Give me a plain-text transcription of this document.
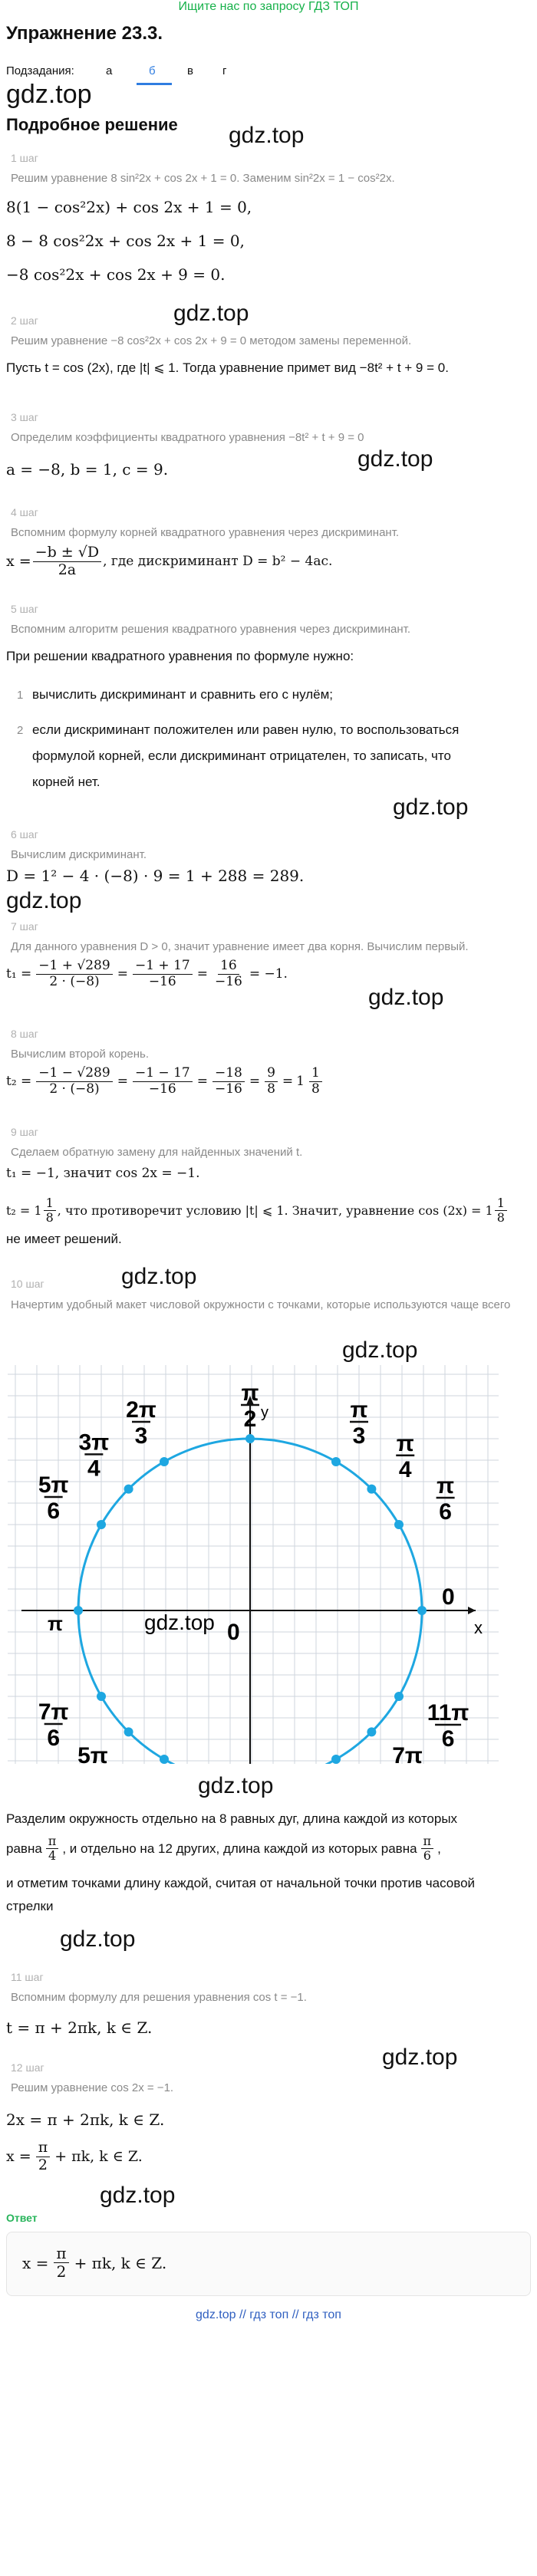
Ищите нас по запросу ГДЗ ТОП
Упражнение 23.3.
Подзадания:	а	б	в	г
gdz.top
Подробное решение gdz.top
1 шаг
Решим уравнение 8 sin²2x + cos 2x + 1 = 0. Заменим sin²2x = 1 − cos²2x.
8(1 − cos²2x) + cos 2x + 1 = 0,
8 − 8 cos²2x + cos 2x + 1 = 0,
−8 cos²2x + cos 2x + 9 = 0.
gdz.top
2 шаг
Решим уравнение −8 cos²2x + cos 2x + 9 = 0 методом замены переменной.
Пусть t = cos (2x), где |t| ⩽ 1. Тогда уравнение примет вид −8t² + t + 9 = 0.
3 шаг
Определим коэффициенты квадратного уравнения −8t² + t + 9 = 0
gdz.top
a = −8, b = 1, c = 9.
4 шаг
Вспомним формулу корней квадратного уравнения через дискриминант.
$x = \frac{-b \pm √D}{2a}$ , где дискриминант D = b² − 4ac.
5 шаг
Вспомним алгоритм решения квадратного уравнения через дискриминант.
При решении квадратного уравнения по формуле нужно:
1 вычислить дискриминант и сравнить его с нулём;
2 если дискриминант положителен или равен нулю, то воспользоваться
формулой корней, если дискриминант отрицателен, то записать, что
корней нет.
gdz.top
6 шаг
Вычислим дискриминант.
D = 1² − 4 · (−8) · 9 = 1 + 288 = 289.
gdz.top
7 шаг
Для данного уравнения D > 0, значит уравнение имеет два корня. Вычислим первый.
$t_1 = \frac{-1 + √289}{2 \cdot (-8)} = \frac{-1 + 17}{-16} = \frac{16}{-16} = -1$.
gdz.top
8 шаг
Вычислим второй корень.
$t_2 = \frac{-1 - √289}{2 \cdot (-8)} = \frac{-1 - 17}{-16} = \frac{-18}{-16} = \frac{9}{8} = 1 \frac{1}{8}$
9 шаг
Сделаем обратную замену для найденных значений t.
t₁ = −1, значит cos 2x = −1.
$t_2 = 1 \frac{1}{8}$ , что противоречит условию |t| ⩽ 1. Значит, уравнение $\cos (2x) = 1 \frac{1}{8}$
не имеет решений.
gdz.top
10 шаг
Начертим удобный макет числовой окружности с точками, которые используются чаще всего
gdz.top
x
y
0
0
π	gdz.top
π
2	π
3 π
4
π
6
2π
3
3π
4
5π
6
7π
6
5π	7π
11π
6
gdz.top
Разделим окружность отдельно на 8 равных дуг, длина каждой из которых
равна $\frac{\pi}{4}$ , и отдельно на 12 других, длина каждой из которых равна $\frac{\pi}{6}$ ,
и отметим точками длину каждой, считая от начальной точки против часовой
стрелки
gdz.top
11 шаг
Вспомним формулу для решения уравнения cos t = −1.
t = π + 2πk, k ∈ Z.
gdz.top
12 шаг
Решим уравнение cos 2x = −1.
2x = π + 2πk, k ∈ Z.
$x = \frac{\pi}{2} + \pi k$, k ∈ Z.
gdz.top
Ответ
$x = \frac{\pi}{2} + \pi k$, k ∈ Z.
gdz.top // гдз топ // гдз топ
